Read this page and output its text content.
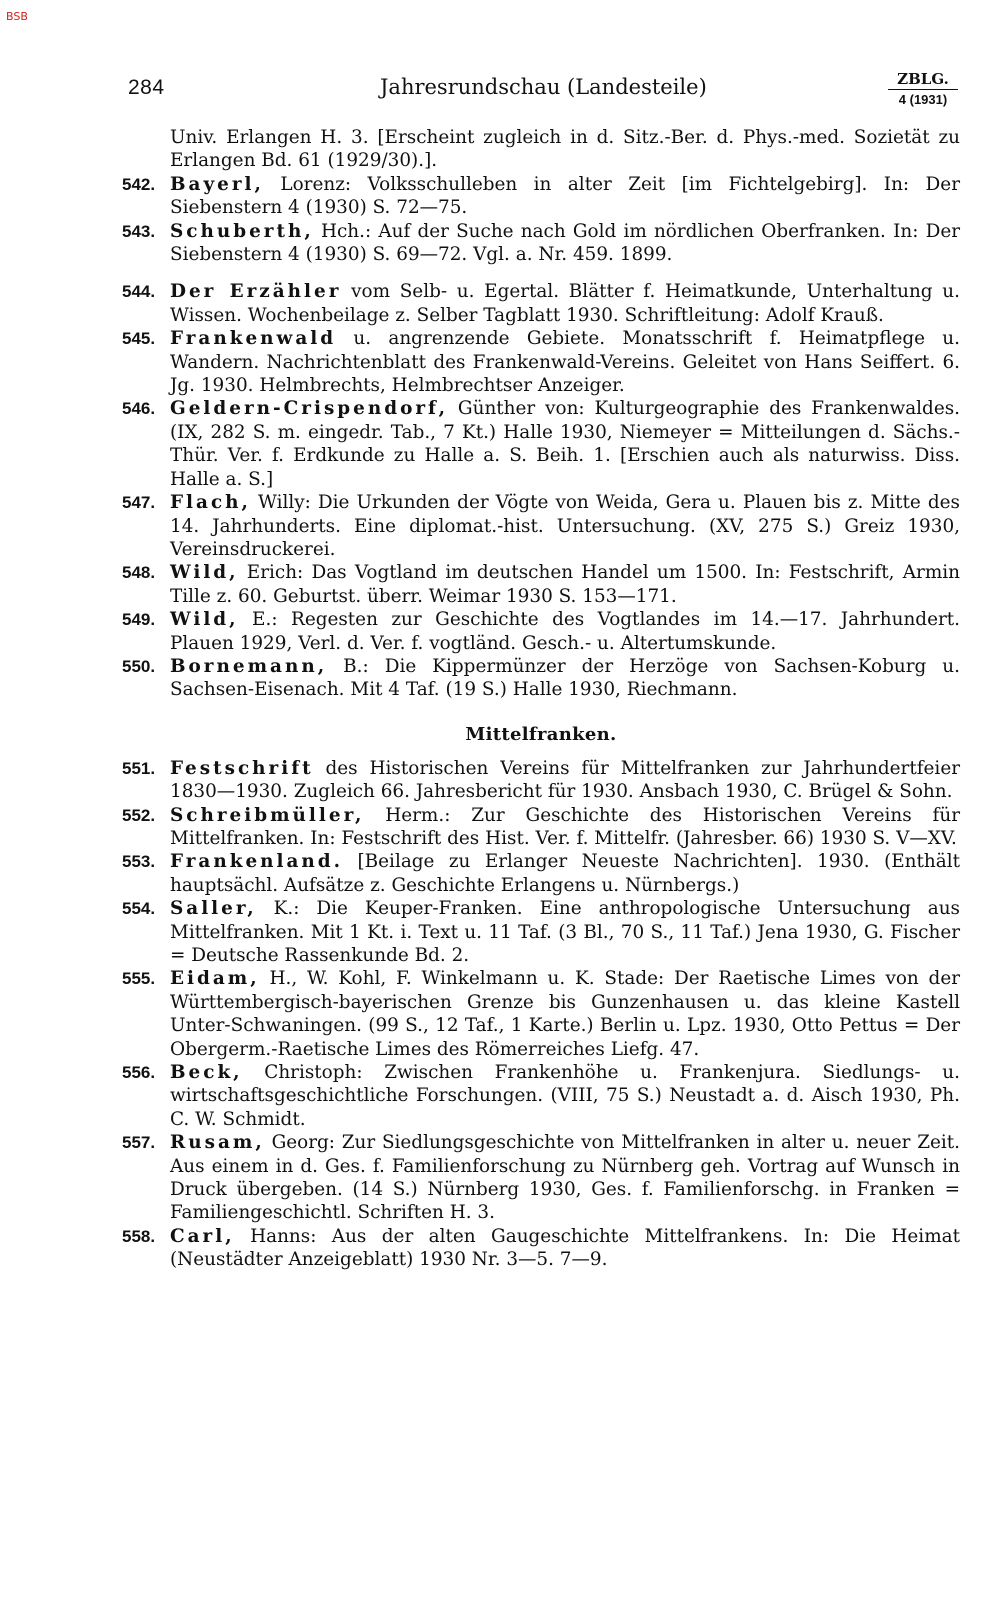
BSB
284	Jahresrundschau (Landesteile)	ZBLG.
4 (1931)

Univ. Erlangen H. 3. [Erscheint zugleich in d. Sitz.-Ber. d. Phys.-med. Sozietät zu Erlangen Bd. 61 (1929/30).].

542. Bayerl, Lorenz: Volksschulleben in alter Zeit [im Fichtelgebirg]. In: Der Siebenstern 4 (1930) S. 72—75.

543. Schuberth, Hch.: Auf der Suche nach Gold im nördlichen Oberfranken. In: Der Siebenstern 4 (1930) S. 69—72. Vgl. a. Nr. 459. 1899.

544. Der Erzähler vom Selb- u. Egertal. Blätter f. Heimatkunde, Unterhaltung u. Wissen. Wochenbeilage z. Selber Tagblatt 1930. Schriftleitung: Adolf Krauß.

545. Frankenwald u. angrenzende Gebiete. Monatsschrift f. Heimatpflege u. Wandern. Nachrichtenblatt des Frankenwald-Vereins. Geleitet von Hans Seiffert. 6. Jg. 1930. Helmbrechts, Helmbrechtser Anzeiger.

546. Geldern-Crispendorf, Günther von: Kulturgeographie des Frankenwaldes. (IX, 282 S. m. eingedr. Tab., 7 Kt.) Halle 1930, Niemeyer = Mitteilungen d. Sächs.-Thür. Ver. f. Erdkunde zu Halle a. S. Beih. 1. [Erschien auch als naturwiss. Diss. Halle a. S.]

547. Flach, Willy: Die Urkunden der Vögte von Weida, Gera u. Plauen bis z. Mitte des 14. Jahrhunderts. Eine diplomat.-hist. Untersuchung. (XV, 275 S.) Greiz 1930, Vereinsdruckerei.

548. Wild, Erich: Das Vogtland im deutschen Handel um 1500. In: Festschrift, Armin Tille z. 60. Geburtst. überr. Weimar 1930 S. 153—171.

549. Wild, E.: Regesten zur Geschichte des Vogtlandes im 14.—17. Jahrhundert. Plauen 1929, Verl. d. Ver. f. vogtländ. Gesch.- u. Altertumskunde.

550. Bornemann, B.: Die Kippermünzer der Herzöge von Sachsen-Koburg u. Sachsen-Eisenach. Mit 4 Taf. (19 S.) Halle 1930, Riechmann.

Mittelfranken.

551. Festschrift des Historischen Vereins für Mittelfranken zur Jahrhundertfeier 1830—1930. Zugleich 66. Jahresbericht für 1930. Ansbach 1930, C. Brügel & Sohn.

552. Schreibmüller, Herm.: Zur Geschichte des Historischen Vereins für Mittelfranken. In: Festschrift des Hist. Ver. f. Mittelfr. (Jahresber. 66) 1930 S. V—XV.

553. Frankenland. [Beilage zu Erlanger Neueste Nachrichten]. 1930. (Enthält hauptsächl. Aufsätze z. Geschichte Erlangens u. Nürnbergs.)

554. Saller, K.: Die Keuper-Franken. Eine anthropologische Untersuchung aus Mittelfranken. Mit 1 Kt. i. Text u. 11 Taf. (3 Bl., 70 S., 11 Taf.) Jena 1930, G. Fischer = Deutsche Rassenkunde Bd. 2.

555. Eidam, H., W. Kohl, F. Winkelmann u. K. Stade: Der Raetische Limes von der Württembergisch-bayerischen Grenze bis Gunzenhausen u. das kleine Kastell Unter-Schwaningen. (99 S., 12 Taf., 1 Karte.) Berlin u. Lpz. 1930, Otto Pettus = Der Obergerm.-Raetische Limes des Römerreiches Liefg. 47.

556. Beck, Christoph: Zwischen Frankenhöhe u. Frankenjura. Siedlungs- u. wirtschaftsgeschichtliche Forschungen. (VIII, 75 S.) Neustadt a. d. Aisch 1930, Ph. C. W. Schmidt.

557. Rusam, Georg: Zur Siedlungsgeschichte von Mittelfranken in alter u. neuer Zeit. Aus einem in d. Ges. f. Familienforschung zu Nürnberg geh. Vortrag auf Wunsch in Druck übergeben. (14 S.) Nürnberg 1930, Ges. f. Familienforschg. in Franken = Familiengeschichtl. Schriften H. 3.

558. Carl, Hanns: Aus der alten Gaugeschichte Mittelfrankens. In: Die Heimat (Neustädter Anzeigeblatt) 1930 Nr. 3—5. 7—9.
